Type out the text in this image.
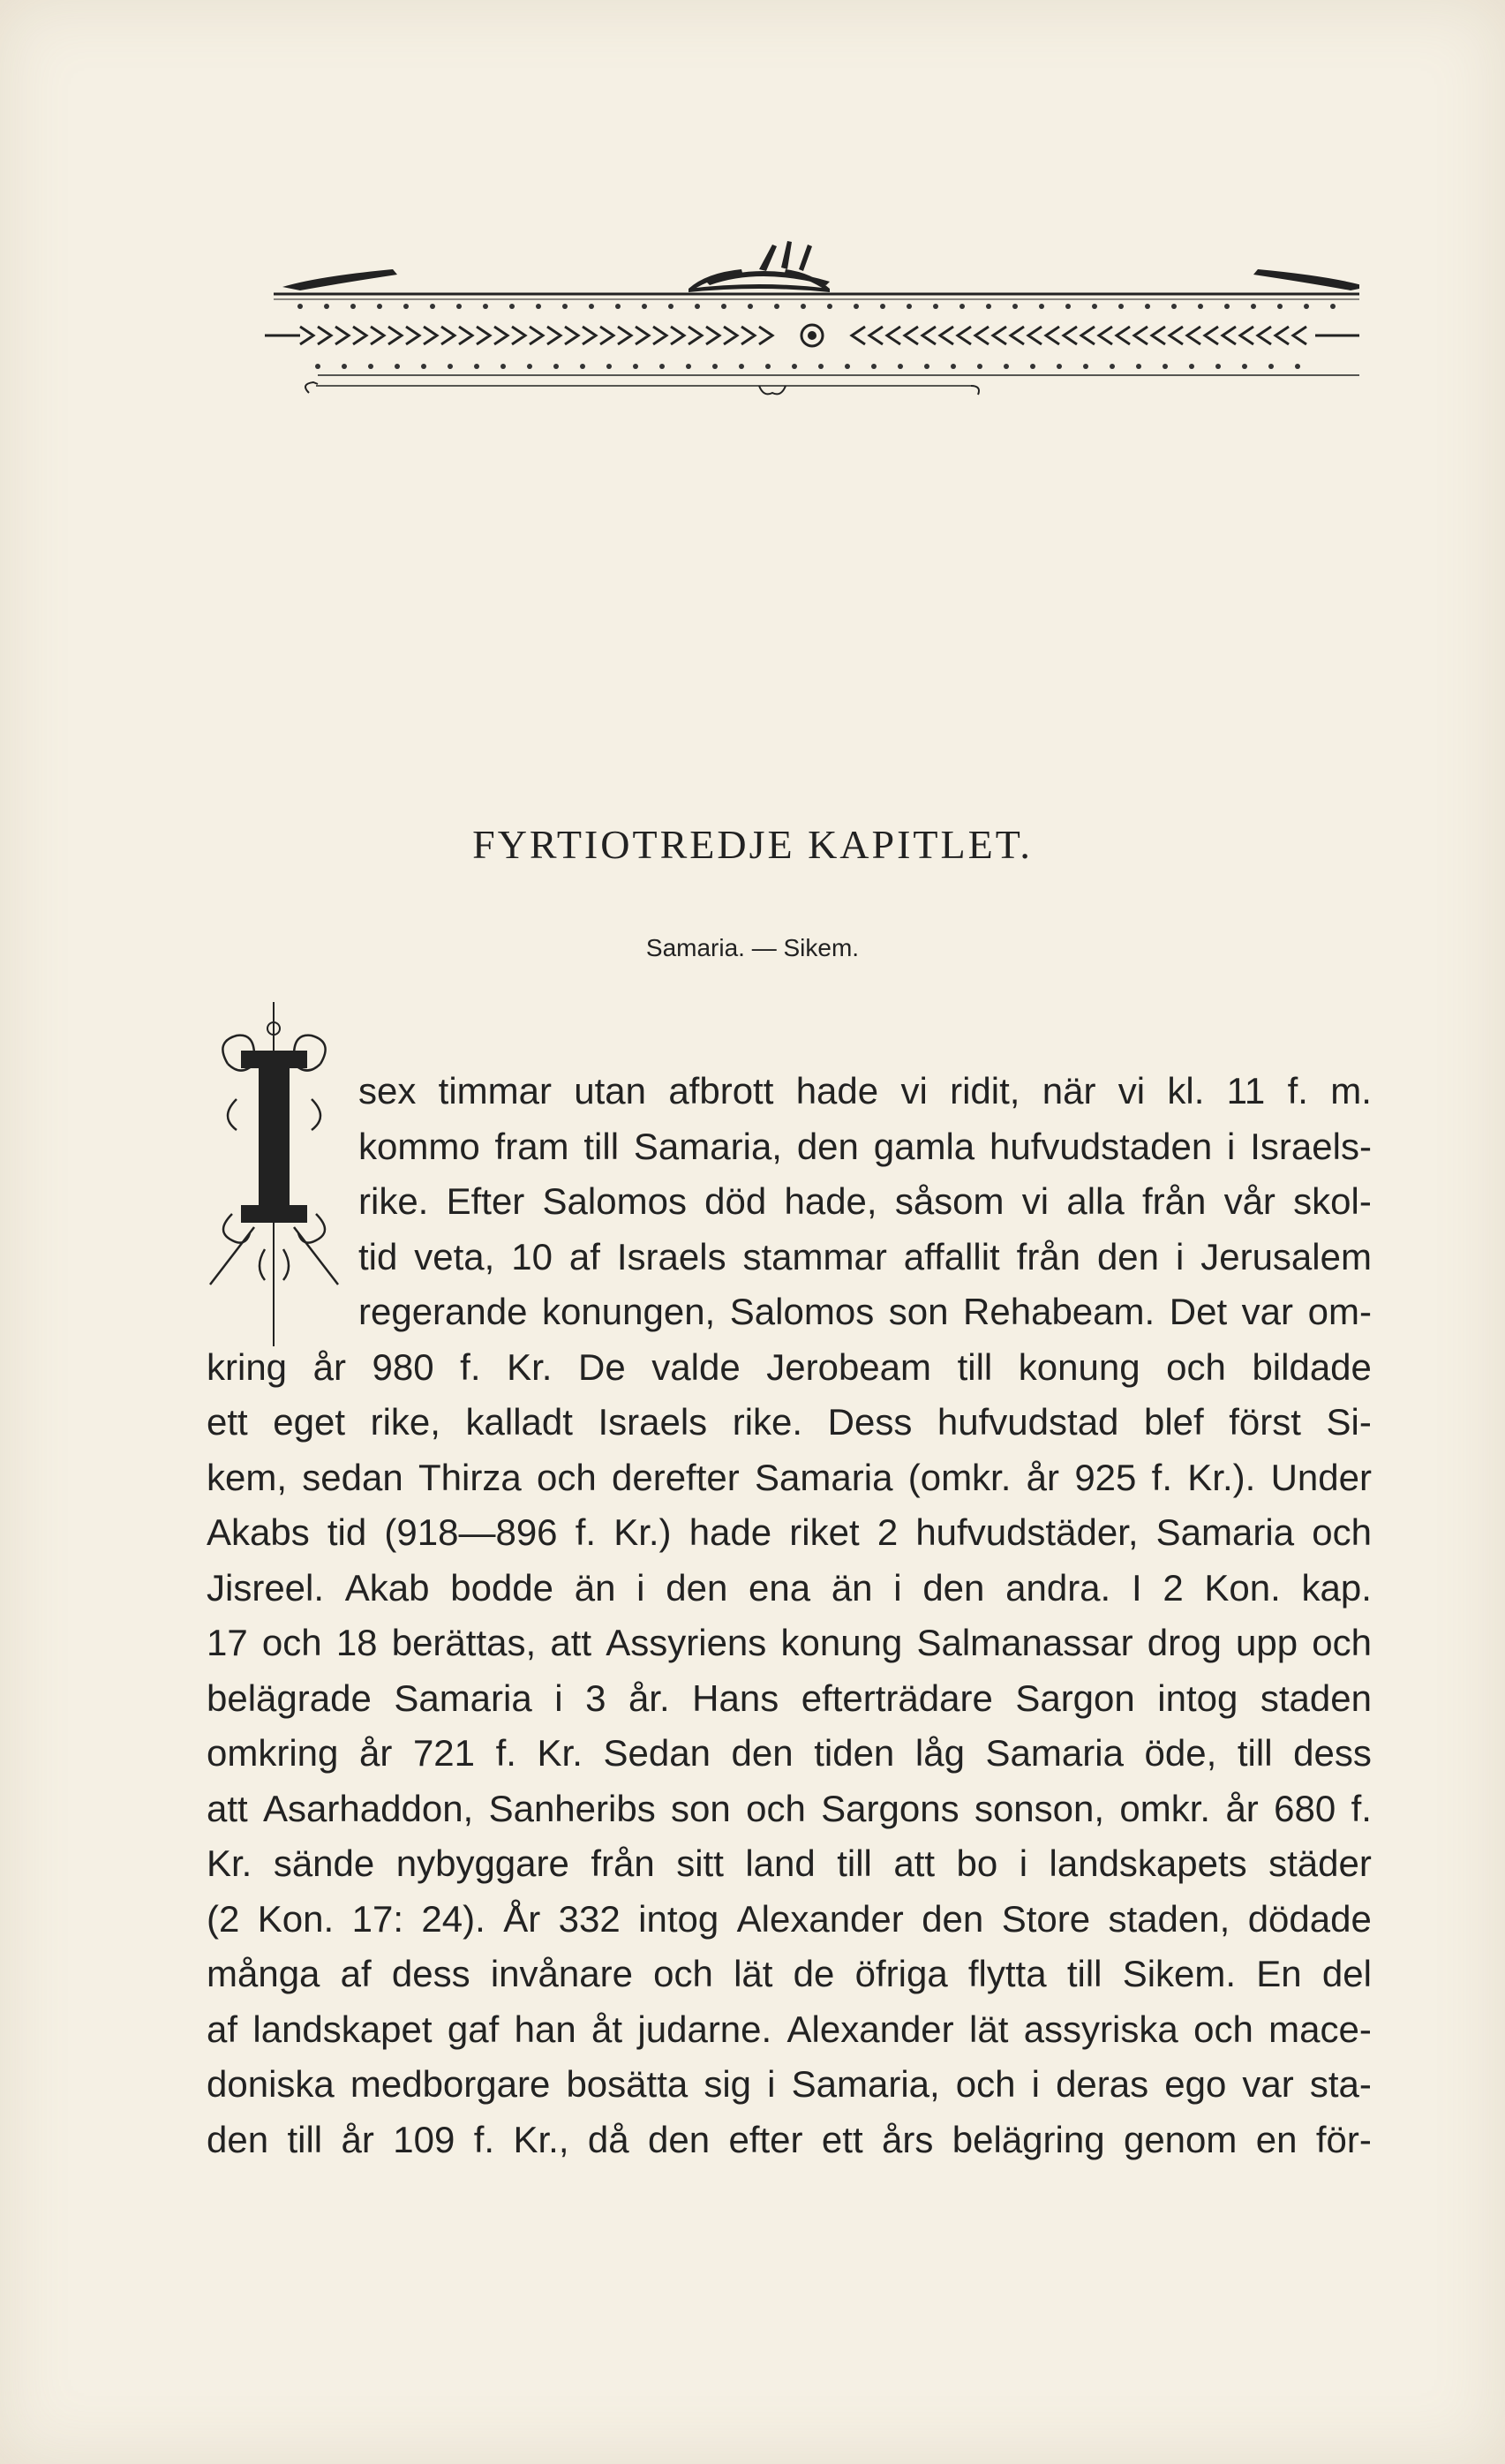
FYRTIOTREDJE KAPITLET.
Samaria. — Sikem.
sex timmar utan afbrott hade vi ridit, när vi kl. 11 f. m.
kommo fram till Samaria, den gamla hufvudstaden i Israels-
rike. Efter Salomos död hade, såsom vi alla från vår skol-
tid veta, 10 af Israels stammar affallit från den i Jerusalem
regerande konungen, Salomos son Rehabeam. Det var om-
kring år 980 f. Kr. De valde Jerobeam till konung och bildade
ett eget rike, kalladt Israels rike. Dess hufvudstad blef först Si-
kem, sedan Thirza och derefter Samaria (omkr. år 925 f. Kr.). Under
Akabs tid (918—896 f. Kr.) hade riket 2 hufvudstäder, Samaria och
Jisreel. Akab bodde än i den ena än i den andra. I 2 Kon. kap.
17 och 18 berättas, att Assyriens konung Salmanassar drog upp och
belägrade Samaria i 3 år. Hans efterträdare Sargon intog staden
omkring år 721 f. Kr. Sedan den tiden låg Samaria öde, till dess
att Asarhaddon, Sanheribs son och Sargons sonson, omkr. år 680 f.
Kr. sände nybyggare från sitt land till att bo i landskapets städer
(2 Kon. 17: 24). År 332 intog Alexander den Store staden, dödade
många af dess invånare och lät de öfriga flytta till Sikem. En del
af landskapet gaf han åt judarne. Alexander lät assyriska och mace-
doniska medborgare bosätta sig i Samaria, och i deras ego var sta-
den till år 109 f. Kr., då den efter ett års belägring genom en för-
